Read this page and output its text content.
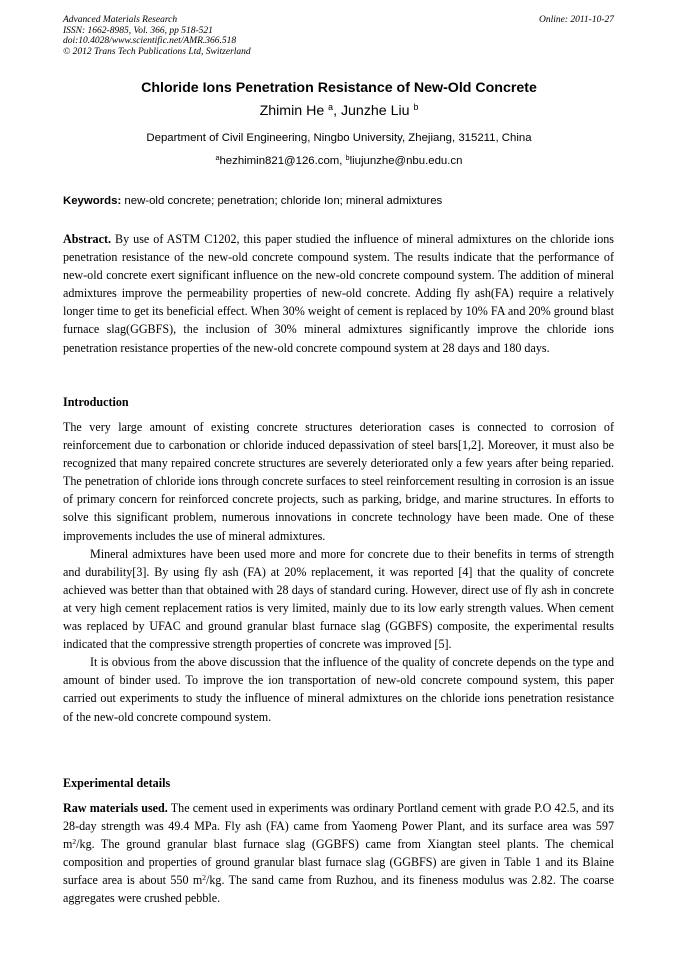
Advanced Materials Research
ISSN: 1662-8985, Vol. 366, pp 518-521
doi:10.4028/www.scientific.net/AMR.366.518
© 2012 Trans Tech Publications Ltd, Switzerland
Online: 2011-10-27
Chloride Ions Penetration Resistance of New-Old Concrete
Zhimin He $^a$, Junzhe Liu $^b$
Department of Civil Engineering, Ningbo University, Zhejiang, 315211, China
$^a$hezhimin821@126.com, $^b$liujunzhe@nbu.edu.cn
Keywords: new-old concrete; penetration; chloride Ion; mineral admixtures

Abstract. By use of ASTM C1202, this paper studied the influence of mineral admixtures on the chloride ions penetration resistance of the new-old concrete compound system. The results indicate that the performance of new-old concrete exert significant influence on the new-old concrete compound system. The addition of mineral admixtures improve the permeability properties of new-old concrete. Adding fly ash(FA) require a relatively longer time to get its beneficial effect. When 30% weight of cement is replaced by 10% FA and 20% ground blast furnace slag(GGBFS), the inclusion of 30% mineral admixtures significantly improve the chloride ions penetration resistance properties of the new-old concrete compound system at 28 days and 180 days.

Introduction

The very large amount of existing concrete structures deterioration cases is connected to corrosion of reinforcement due to carbonation or chloride induced depassivation of steel bars[1,2]. Moreover, it must also be recognized that many repaired concrete structures are severely deteriorated only a few years after being reparied. The penetration of chloride ions through concrete surfaces to steel reinforcement resulting in corrosion is an issue of primary concern for reinforced concrete projects, such as parking, bridge, and marine structures. In efforts to solve this significant problem, numerous innovations in concrete technology have been made. One of these improvements includes the use of mineral admixtures.

Mineral admixtures have been used more and more for concrete due to their benefits in terms of strength and durability[3]. By using fly ash (FA) at 20% replacement, it was reported [4] that the quality of concrete achieved was better than that obtained with 28 days of standard curing. However, direct use of fly ash in concrete at very high cement replacement ratios is very limited, mainly due to its low early strength values. When cement was replaced by UFAC and ground granular blast furnace slag (GGBFS) composite, the experimental results indicated that the compressive strength properties of concrete was improved [5].

It is obvious from the above discussion that the influence of the quality of concrete depends on the type and amount of binder used. To improve the ion transportation of new-old concrete compound system, this paper carried out experiments to study the influence of mineral admixtures on the chloride ions penetration resistance of the new-old concrete compound system.

Experimental details

Raw materials used. The cement used in experiments was ordinary Portland cement with grade P.O 42.5, and its 28-day strength was 49.4 MPa. Fly ash (FA) came from Yaomeng Power Plant, and its surface area was 597 $m^2/kg$. The ground granular blast furnace slag (GGBFS) came from Xiangtan steel plants. The chemical composition and properties of ground granular blast furnace slag (GGBFS) are given in Table 1 and its Blaine surface area is about 550 $m^2/kg$. The sand came from Ruzhou, and its fineness modulus was 2.82. The coarse aggregates were crushed pebble.
